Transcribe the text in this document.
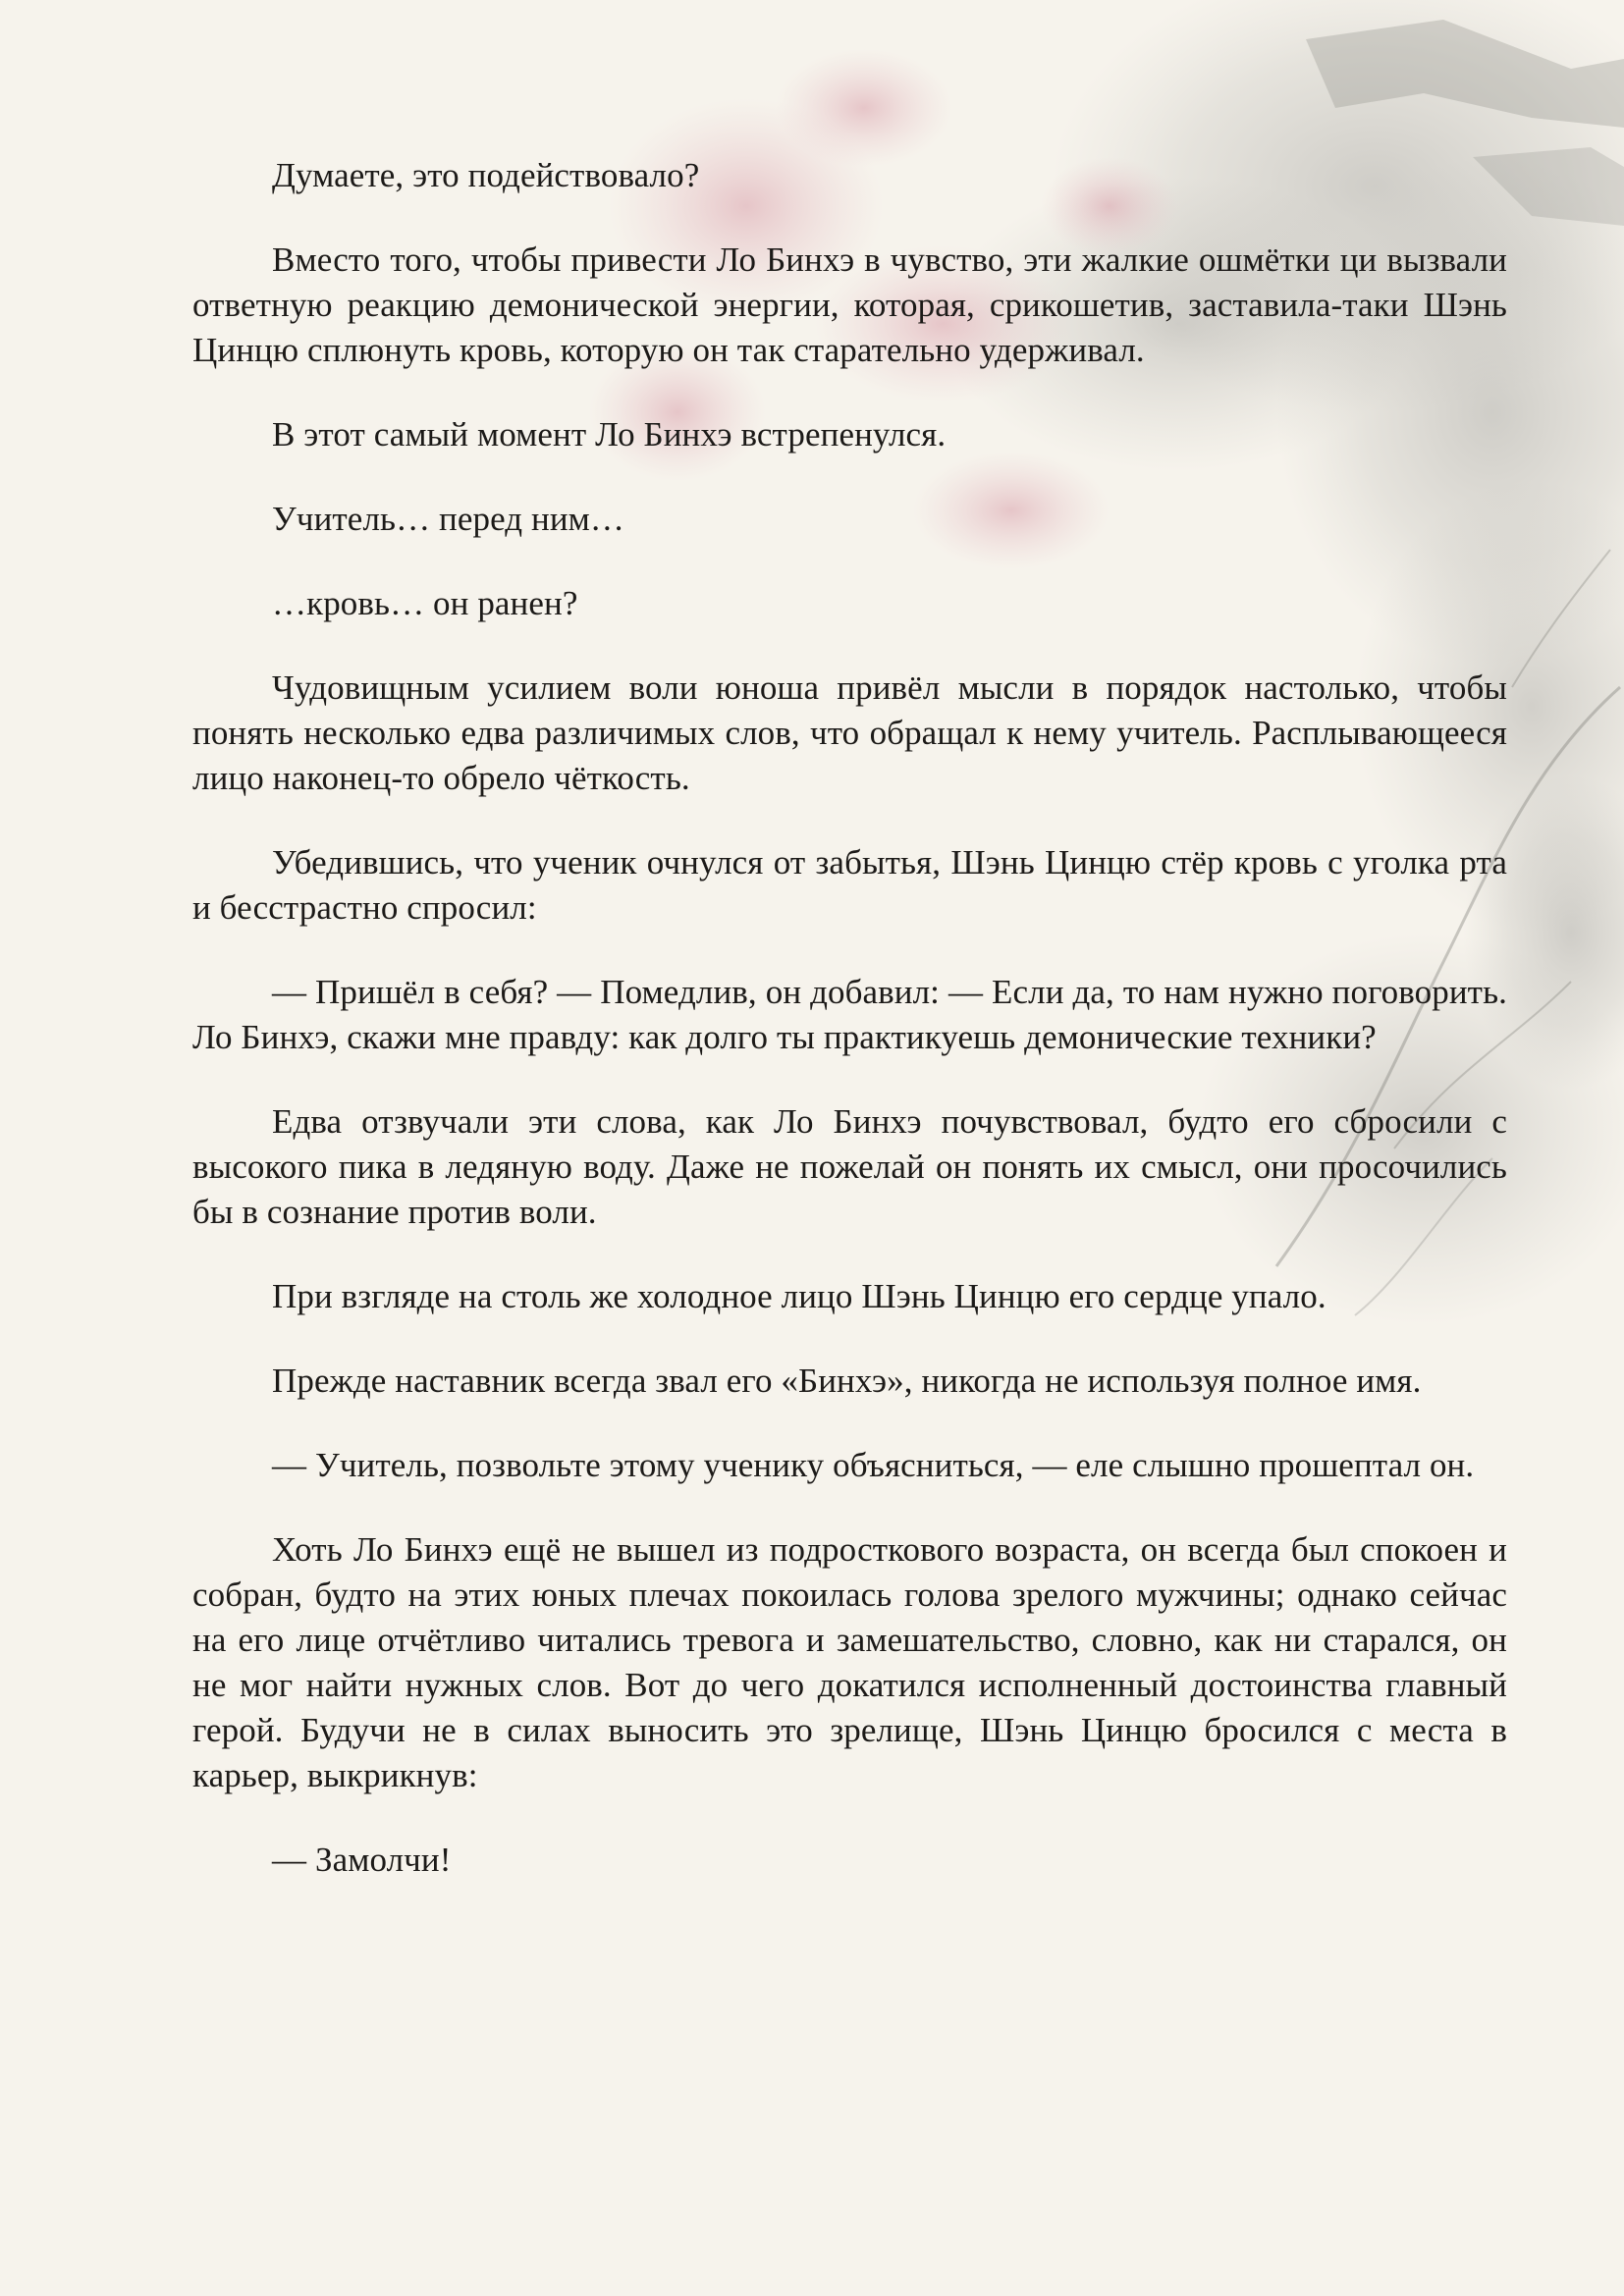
Думаете, это подействовало?

Вместо того, чтобы привести Ло Бинхэ в чувство, эти жалкие ошмётки ци вызвали ответную реакцию демонической энергии, которая, срикошетив, заставила-таки Шэнь Цинцю сплюнуть кровь, которую он так старательно удерживал.

В этот самый момент Ло Бинхэ встрепенулся.

Учитель… перед ним…

…кровь… он ранен?

Чудовищным усилием воли юноша привёл мысли в порядок настолько, чтобы понять несколько едва различимых слов, что обращал к нему учитель. Расплывающееся лицо наконец-то обрело чёткость.

Убедившись, что ученик очнулся от забытья, Шэнь Цинцю стёр кровь с уголка рта и бесстрастно спросил:

— Пришёл в себя? — Помедлив, он добавил: — Если да, то нам нужно поговорить. Ло Бинхэ, скажи мне правду: как долго ты практикуешь демонические техники?

Едва отзвучали эти слова, как Ло Бинхэ почувствовал, будто его сбросили с высокого пика в ледяную воду. Даже не пожелай он понять их смысл, они просочились бы в сознание против воли.

При взгляде на столь же холодное лицо Шэнь Цинцю его сердце упало.

Прежде наставник всегда звал его «Бинхэ», никогда не используя полное имя.

— Учитель, позвольте этому ученику объясниться, — еле слышно прошептал он.

Хоть Ло Бинхэ ещё не вышел из подросткового возраста, он всегда был спокоен и собран, будто на этих юных плечах покоилась голова зрелого мужчины; однако сейчас на его лице отчётливо читались тревога и замешательство, словно, как ни старался, он не мог найти нужных слов. Вот до чего докатился исполненный достоинства главный герой. Будучи не в силах выносить это зрелище, Шэнь Цинцю бросился с места в карьер, выкрикнув:

— Замолчи!
